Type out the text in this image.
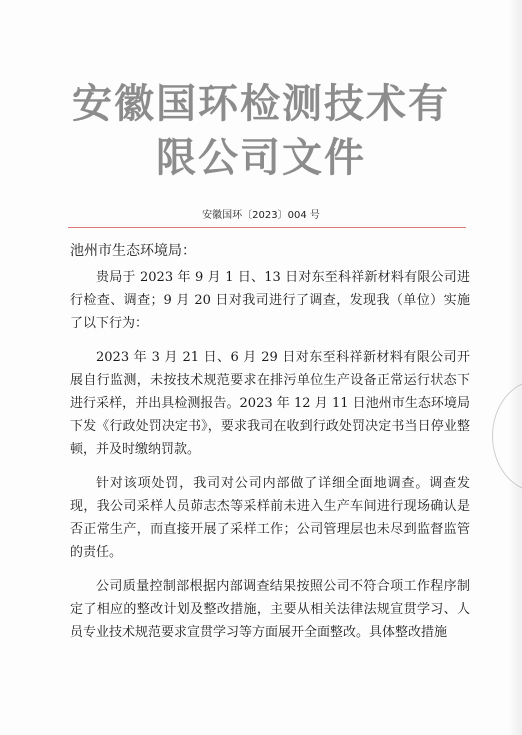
安徽国环检测技术有
限公司文件
安徽国环〔2023〕004 号

池州市生态环境局：

贵局于 2023 年 9 月 1 日、13 日对东至科祥新材料有限公司进行检查、调查；9 月 20 日对我司进行了调查，发现我（单位）实施了以下行为：

2023 年 3 月 21 日、6 月 29 日对东至科祥新材料有限公司开展自行监测，未按技术规范要求在排污单位生产设备正常运行状态下进行采样，并出具检测报告。2023 年 12 月 11 日池州市生态环境局下发《行政处罚决定书》，要求我司在收到行政处罚决定书当日停业整顿，并及时缴纳罚款。

针对该项处罚，我司对公司内部做了详细全面地调查。调查发现，我公司采样人员茆志杰等采样前未进入生产车间进行现场确认是否正常生产，而直接开展了采样工作；公司管理层也未尽到监督监管的责任。

公司质量控制部根据内部调查结果按照公司不符合项工作程序制定了相应的整改计划及整改措施，主要从相关法律法规宣贯学习、人员专业技术规范要求宣贯学习等方面展开全面整改。具体整改措施
